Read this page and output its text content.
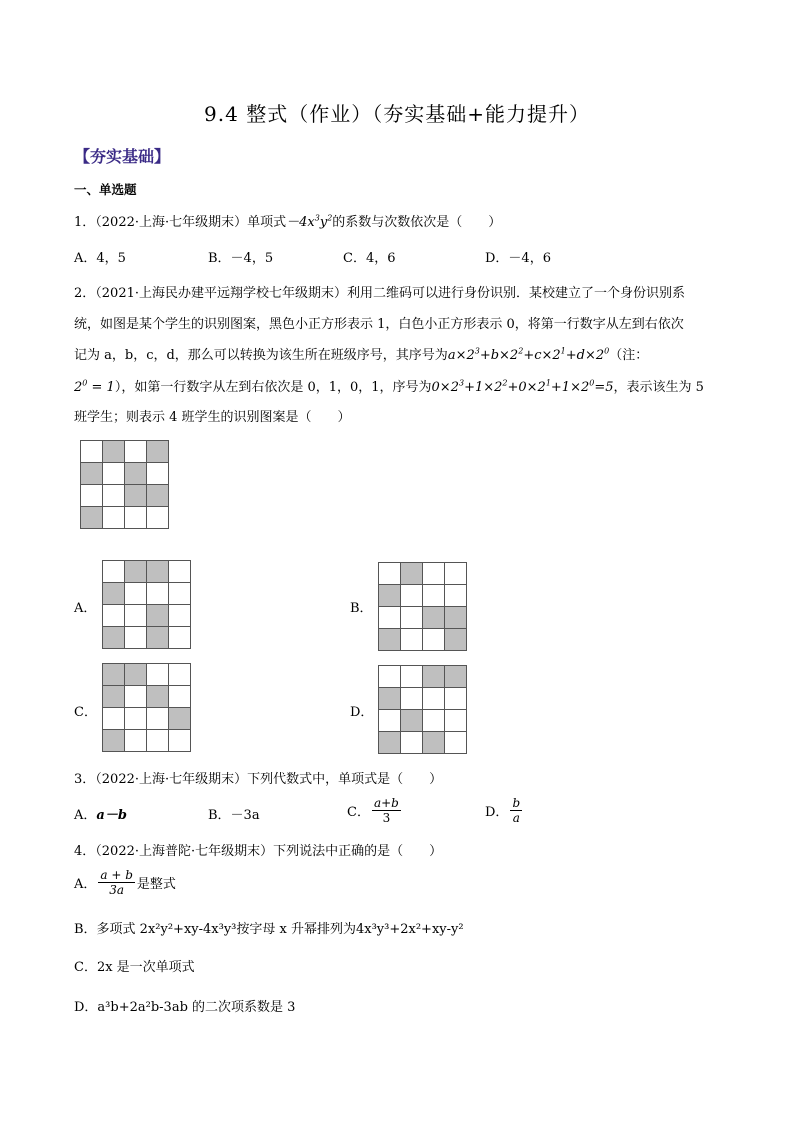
9.4 整式（作业）（夯实基础+能力提升）
【夯实基础】
一、单选题
1．（2022·上海·七年级期末）单项式$-4x^3y^2$的系数与次数依次是（　　）
A．4，5	B．－4，5	C．4，6	D．－4，6
2．（2021·上海民办建平远翔学校七年级期末）利用二维码可以进行身份识别．某校建立了一个身份识别系
统，如图是某个学生的识别图案，黑色小正方形表示 1，白色小正方形表示 0，将第一行数字从左到右依次
记为 a，b，c，d，那么可以转换为该生所在班级序号，其序号为$a\times 2^3+b\times 2^2+c\times 2^1+d\times 2^0$（注：
$2^0 = 1$），如第一行数字从左到右依次是 0，1，0，1，序号为$0\times 2^3+1\times 2^2+0\times 2^1+1\times 2^0=5$，表示该生为 5
班学生；则表示 4 班学生的识别图案是（　　）
A．	B．
C．	D．
3．（2022·上海·七年级期末）下列代数式中，单项式是（　　）
A．a－b	B．－3a	C． $\frac{a+b}{3}$	D． $\frac{b}{a}$
4．（2022·上海普陀·七年级期末）下列说法中正确的是（　　）
A． $\frac{a + b}{3a}$ 是整式
B．多项式 2x²y²+xy-4x³y³按字母 x 升幂排列为4x³y³+2x²+xy-y²
C．2x 是一次单项式
D．a³b+2a²b-3ab 的二次项系数是 3
